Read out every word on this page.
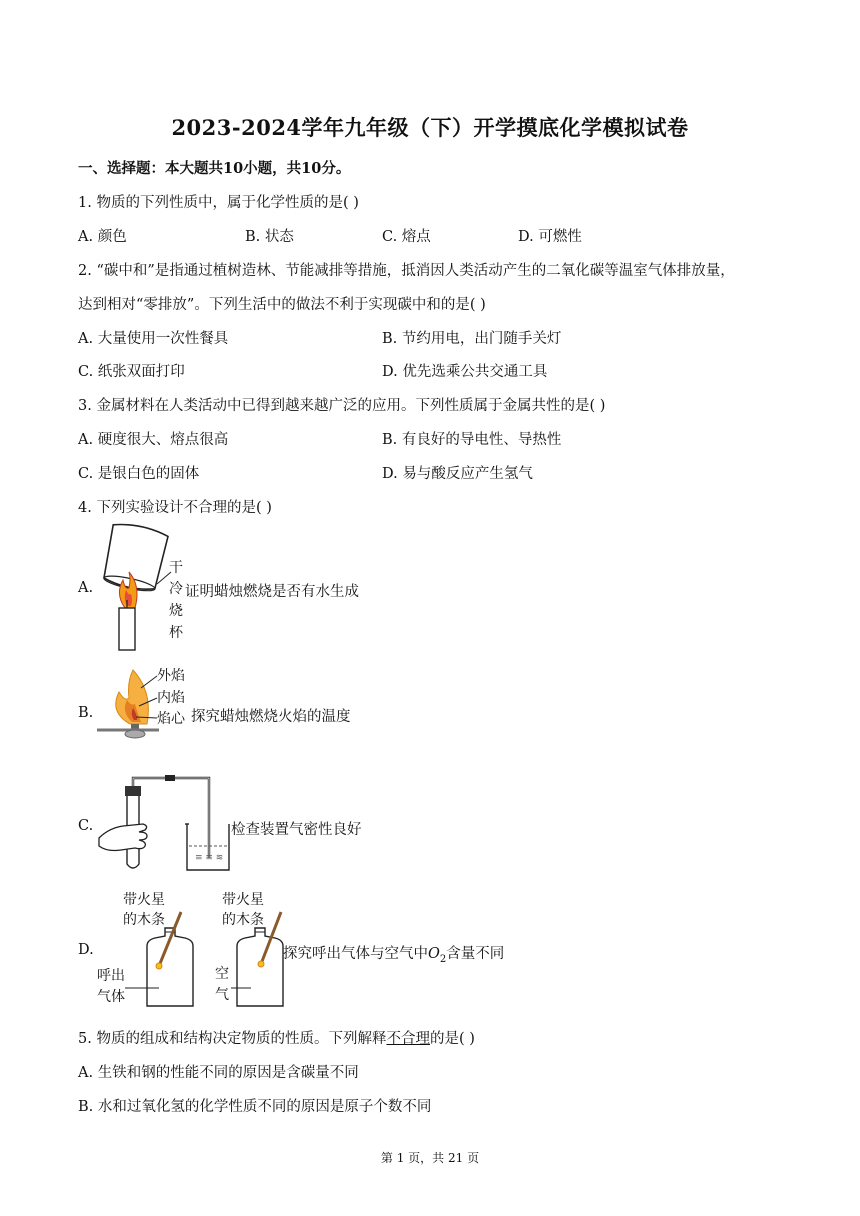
2023-2024学年九年级（下）开学摸底化学模拟试卷
一、选择题：本大题共10小题，共10分。
1. 物质的下列性质中，属于化学性质的是( )
A. 颜色	B. 状态	C. 熔点	D. 可燃性
2. “碳中和”是指通过植树造林、节能减排等措施，抵消因人类活动产生的二氧化碳等温室气体排放量，
达到相对“零排放”。下列生活中的做法不利于实现碳中和的是( )
A. 大量使用一次性餐具	B. 节约用电，出门随手关灯
C. 纸张双面打印	D. 优先选乘公共交通工具
3. 金属材料在人类活动中已得到越来越广泛的应用。下列性质属于金属共性的是( )
A. 硬度很大、熔点很高	B. 有良好的导电性、导热性
C. 是银白色的固体	D. 易与酸反应产生氢气
4. 下列实验设计不合理的是( )
A.
干
冷
烧
杯
证明蜡烛燃烧是否有水生成
B.
外焰
内焰
焰心 探究蜡烛燃烧火焰的温度
C.
≡ ≡ ≋
检查装置气密性良好
D.
带火星
的木条
带火星
的木条
呼出
气体
空
气
探究呼出气体与空气中$O_2$含量不同
5. 物质的组成和结构决定物质的性质。下列解释不合理的是( )
A. 生铁和钢的性能不同的原因是含碳量不同
B. 水和过氧化氢的化学性质不同的原因是原子个数不同
第 1 页，共 21 页
